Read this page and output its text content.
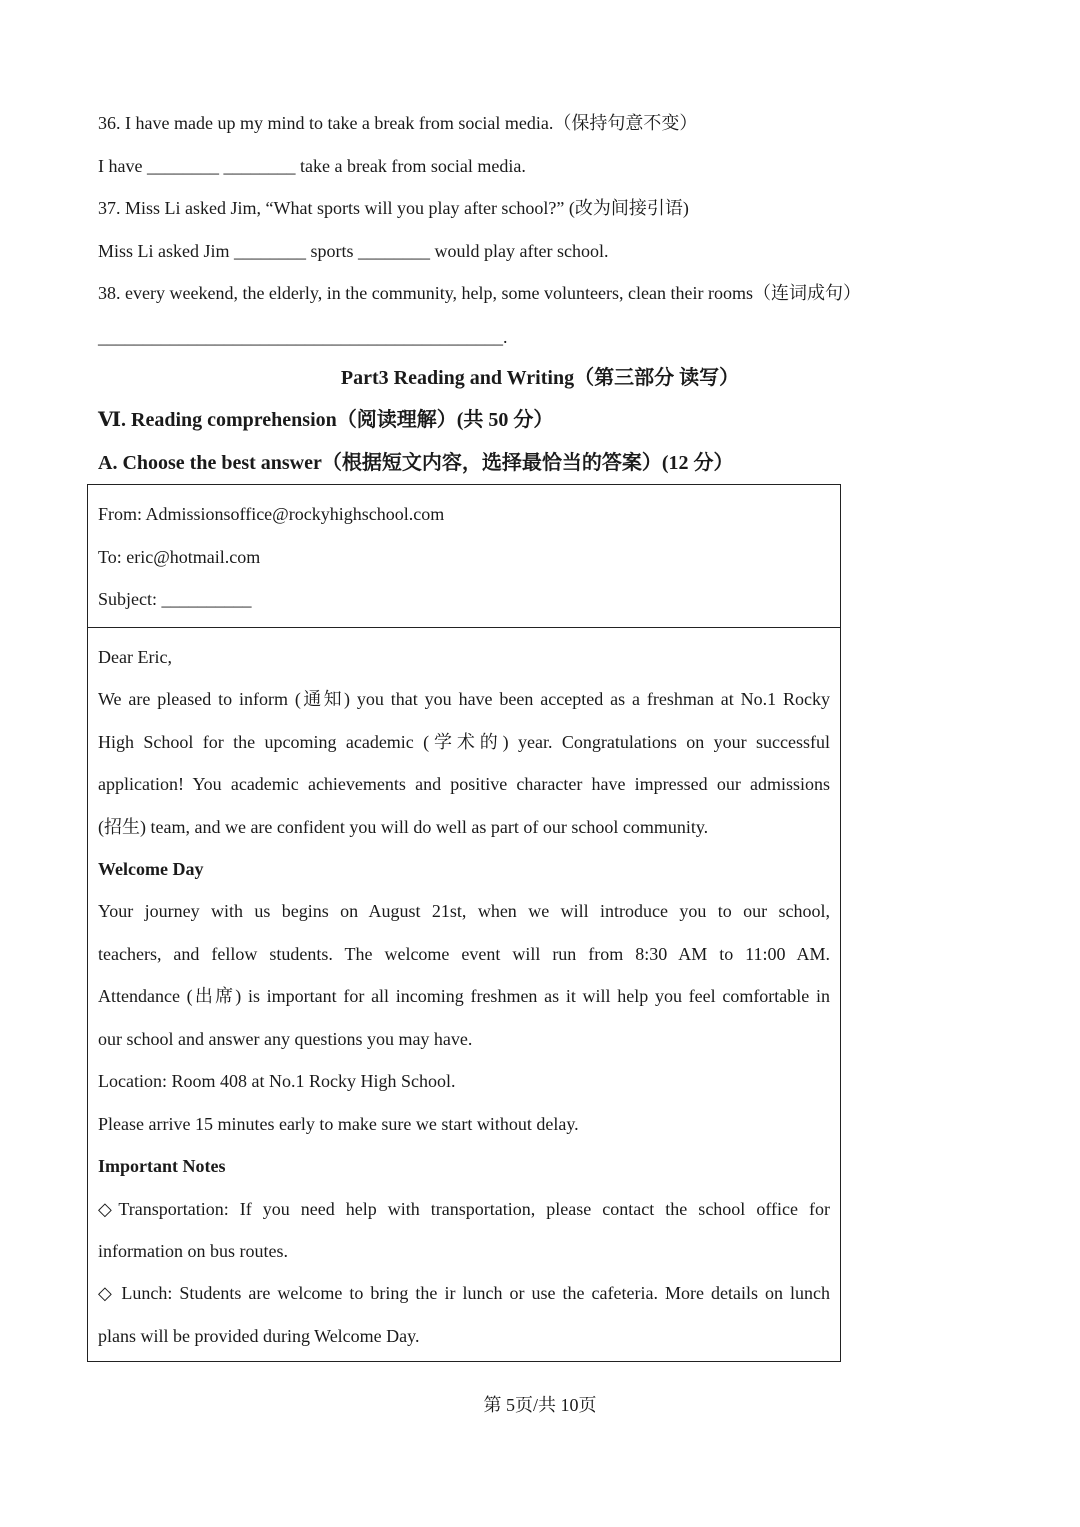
36. I have made up my mind to take a break from social media.（保持句意不变）
I have ________ ________ take a break from social media.
37. Miss Li asked Jim, “What sports will you play after school?” (改为间接引语)
Miss Li asked Jim ________ sports ________ would play after school.
38. every weekend, the elderly, in the community, help, some volunteers, clean their rooms（连词成句）
_____________________________________________.
Part3 Reading and Writing（第三部分 读写）
Ⅵ. Reading comprehension（阅读理解）(共 50 分）
A. Choose the best answer（根据短文内容，选择最恰当的答案）(12 分）
From: Admissionsoffice@rockyhighschool.com
To: eric@hotmail.com
Subject: __________
Dear Eric,
We are pleased to inform (通知) you that you have been accepted as a freshman at No.1 Rocky
High School for the upcoming academic (学术的) year. Congratulations on your successful
application! You academic achievements and positive character have impressed our admissions
(招生) team, and we are confident you will do well as part of our school community.
Welcome Day
Your journey with us begins on August 21st, when we will introduce you to our school,
teachers, and fellow students. The welcome event will run from 8:30 AM to 11:00 AM.
Attendance (出席) is important for all incoming freshmen as it will help you feel comfortable in
our school and answer any questions you may have.
Location: Room 408 at No.1 Rocky High School.
Please arrive 15 minutes early to make sure we start without delay.
Important Notes
◇Transportation: If you need help with transportation, please contact the school office for
information on bus routes.
◇ Lunch: Students are welcome to bring the ir lunch or use the cafeteria. More details on lunch
plans will be provided during Welcome Day.
第 5页/共 10页
